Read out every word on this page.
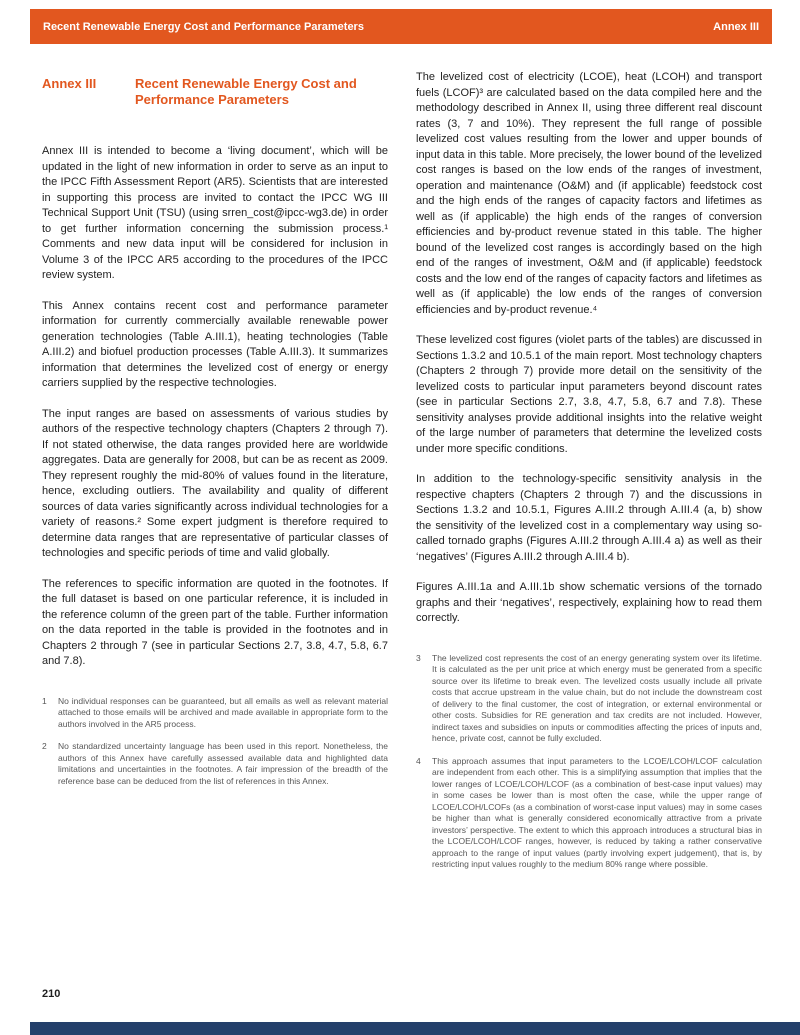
Recent Renewable Energy Cost and Performance Parameters	Annex III
Annex III	Recent Renewable Energy Cost and Performance Parameters

Annex III is intended to become a ‘living document’, which will be updated in the light of new information in order to serve as an input to the IPCC Fifth Assessment Report (AR5). Scientists that are interested in supporting this process are invited to contact the IPCC WG III Technical Support Unit (TSU) (using srren_cost@ipcc-wg3.de) in order to get further information concerning the submission process.¹ Comments and new data input will be considered for inclusion in Volume 3 of the IPCC AR5 according to the procedures of the IPCC review system.

This Annex contains recent cost and performance parameter information for currently commercially available renewable power generation technologies (Table A.III.1), heating technologies (Table A.III.2) and biofuel production processes (Table A.III.3). It summarizes information that determines the levelized cost of energy or energy carriers supplied by the respective technologies.

The input ranges are based on assessments of various studies by authors of the respective technology chapters (Chapters 2 through 7). If not stated otherwise, the data ranges provided here are worldwide aggregates. Data are generally for 2008, but can be as recent as 2009. They represent roughly the mid-80% of values found in the literature, hence, excluding outliers. The availability and quality of different sources of data varies significantly across individual technologies for a variety of reasons.² Some expert judgment is therefore required to determine data ranges that are representative of particular classes of technologies and specific periods of time and valid globally.

The references to specific information are quoted in the footnotes. If the full dataset is based on one particular reference, it is included in the reference column of the green part of the table. Further information on the data reported in the table is provided in the footnotes and in Chapters 2 through 7 (see in particular Sections 2.7, 3.8, 4.7, 5.8, 6.7 and 7.8).

1	No individual responses can be guaranteed, but all emails as well as relevant material attached to those emails will be archived and made available in appropriate form to the authors involved in the AR5 process.
2	No standardized uncertainty language has been used in this report. Nonetheless, the authors of this Annex have carefully assessed available data and highlighted data limitations and uncertainties in the footnotes. A fair impression of the breadth of the reference base can be deduced from the list of references in this Annex.

The levelized cost of electricity (LCOE), heat (LCOH) and transport fuels (LCOF)³ are calculated based on the data compiled here and the methodology described in Annex II, using three different real discount rates (3, 7 and 10%). They represent the full range of possible levelized cost values resulting from the lower and upper bounds of input data in this table. More precisely, the lower bound of the levelized cost ranges is based on the low ends of the ranges of investment, operation and maintenance (O&M) and (if applicable) feedstock cost and the high ends of the ranges of capacity factors and lifetimes as well as (if applicable) the high ends of the ranges of conversion efficiencies and by-product revenue stated in this table. The higher bound of the levelized cost ranges is accordingly based on the high end of the ranges of investment, O&M and (if applicable) feedstock costs and the low end of the ranges of capacity factors and lifetimes as well as (if applicable) the low ends of the ranges of conversion efficiencies and by-product revenue.⁴

These levelized cost figures (violet parts of the tables) are discussed in Sections 1.3.2 and 10.5.1 of the main report. Most technology chapters (Chapters 2 through 7) provide more detail on the sensitivity of the levelized costs to particular input parameters beyond discount rates (see in particular Sections 2.7, 3.8, 4.7, 5.8, 6.7 and 7.8). These sensitivity analyses provide additional insights into the relative weight of the large number of parameters that determine the levelized costs under more specific conditions.

In addition to the technology-specific sensitivity analysis in the respective chapters (Chapters 2 through 7) and the discussions in Sections 1.3.2 and 10.5.1, Figures A.III.2 through A.III.4 (a, b) show the sensitivity of the levelized cost in a complementary way using so-called tornado graphs (Figures A.III.2 through A.III.4 a) as well as their ‘negatives’ (Figures A.III.2 through A.III.4 b).

Figures A.III.1a and A.III.1b show schematic versions of the tornado graphs and their ‘negatives’, respectively, explaining how to read them correctly.

3	The levelized cost represents the cost of an energy generating system over its lifetime. It is calculated as the per unit price at which energy must be generated from a specific source over its lifetime to break even. The levelized costs usually include all private costs that accrue upstream in the value chain, but do not include the downstream cost of delivery to the final customer, the cost of integration, or external environmental or other costs. Subsidies for RE generation and tax credits are not included. However, indirect taxes and subsidies on inputs or commodities affecting the prices of inputs and, hence, private cost, cannot be fully excluded.
4	This approach assumes that input parameters to the LCOE/LCOH/LCOF calculation are independent from each other. This is a simplifying assumption that implies that the lower ranges of LCOE/LCOH/LCOF (as a combination of best-case input values) may in some cases be lower than is most often the case, while the upper range of LCOE/LCOH/LCOFs (as a combination of worst-case input values) may in some cases be higher than what is generally considered economically attractive from a private investors’ perspective. The extent to which this approach introduces a structural bias in the LCOE/LCOH/LCOF ranges, however, is reduced by taking a rather conservative approach to the range of input values (partly involving expert judgement), that is, by restricting input values roughly to the medium 80% range where possible.
210
